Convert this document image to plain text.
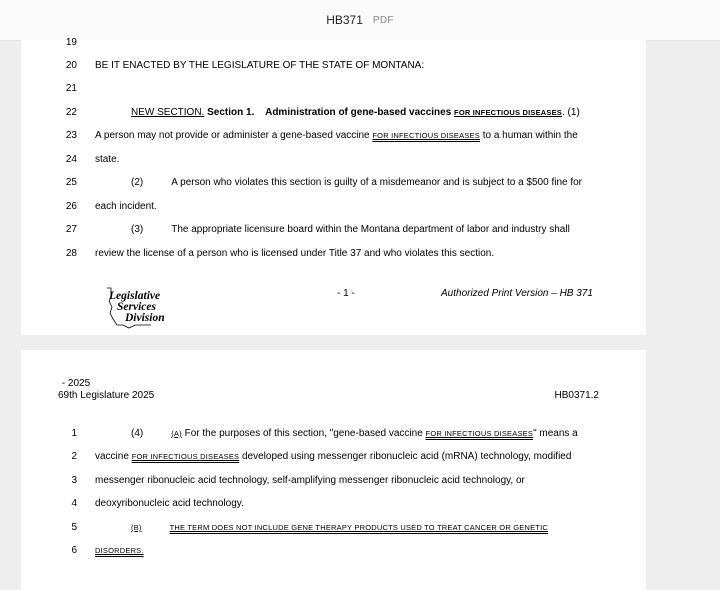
HB371 PDF
19
20 BE IT ENACTED BY THE LEGISLATURE OF THE STATE OF MONTANA:
21
22	NEW SECTION. Section 1.    Administration of gene-based vaccines FOR INFECTIOUS DISEASES. (1)
23 A person may not provide or administer a gene-based vaccine FOR INFECTIOUS DISEASES to a human within the
24 state.
25	(2)	A person who violates this section is guilty of a misdemeanor and is subject to a $500 fine for
26 each incident.
27	(3)	The appropriate licensure board within the Montana department of labor and industry shall
28 review the license of a person who is licensed under Title 37 and who violates this section.
Legislative
Services
Division
- 1 -	Authorized Print Version – HB 371
- 2025
69th Legislature 2025	HB0371.2
1	(4)	(A) For the purposes of this section, "gene-based vaccine FOR INFECTIOUS DISEASES" means a
2 vaccine FOR INFECTIOUS DISEASES developed using messenger ribonucleic acid (mRNA) technology, modified
3 messenger ribonucleic acid technology, self-amplifying messenger ribonucleic acid technology, or
4 deoxyribonucleic acid technology.
5	(B)	THE TERM DOES NOT INCLUDE GENE THERAPY PRODUCTS USED TO TREAT CANCER OR GENETIC
6 DISORDERS.
